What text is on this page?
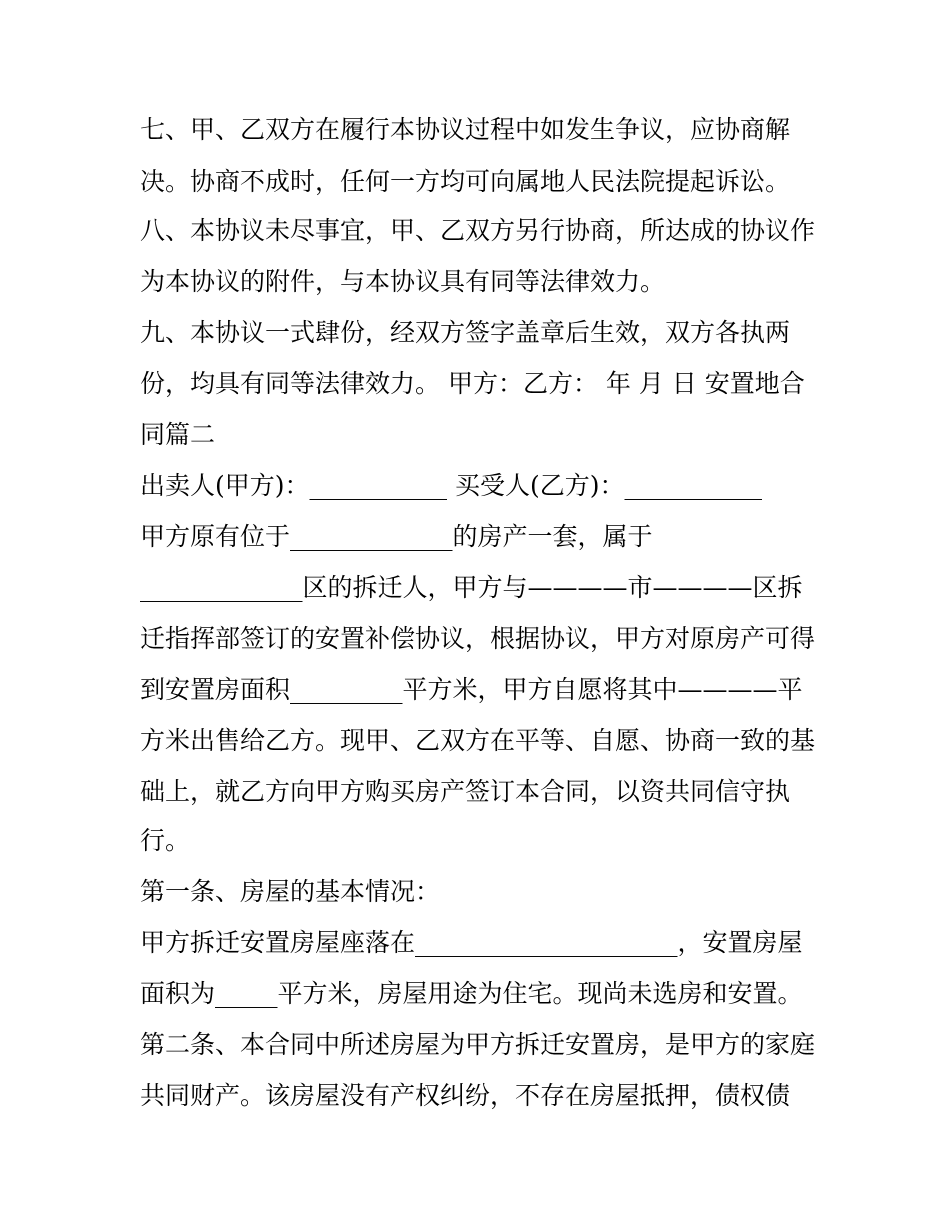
七、甲、乙双方在履行本协议过程中如发生争议，应协商解
决。协商不成时，任何一方均可向属地人民法院提起诉讼。
八、本协议未尽事宜，甲、乙双方另行协商，所达成的协议作
为本协议的附件，与本协议具有同等法律效力。
九、本协议一式肆份，经双方签字盖章后生效，双方各执两
份，均具有同等法律效力。 甲方：乙方： 年 月 日 安置地合
同篇二
出卖人(甲方)：___________ 买受人(乙方)：___________
甲方原有位于_____________的房产一套，属于
_____________区的拆迁人，甲方与————市————区拆
迁指挥部签订的安置补偿协议，根据协议，甲方对原房产可得
到安置房面积_________平方米，甲方自愿将其中————平
方米出售给乙方。现甲、乙双方在平等、自愿、协商一致的基
础上，就乙方向甲方购买房产签订本合同，以资共同信守执
行。
第一条、房屋的基本情况：
甲方拆迁安置房屋座落在_____________________，安置房屋
面积为_____平方米，房屋用途为住宅。现尚未选房和安置。
第二条、本合同中所述房屋为甲方拆迁安置房，是甲方的家庭
共同财产。该房屋没有产权纠纷，不存在房屋抵押，债权债
